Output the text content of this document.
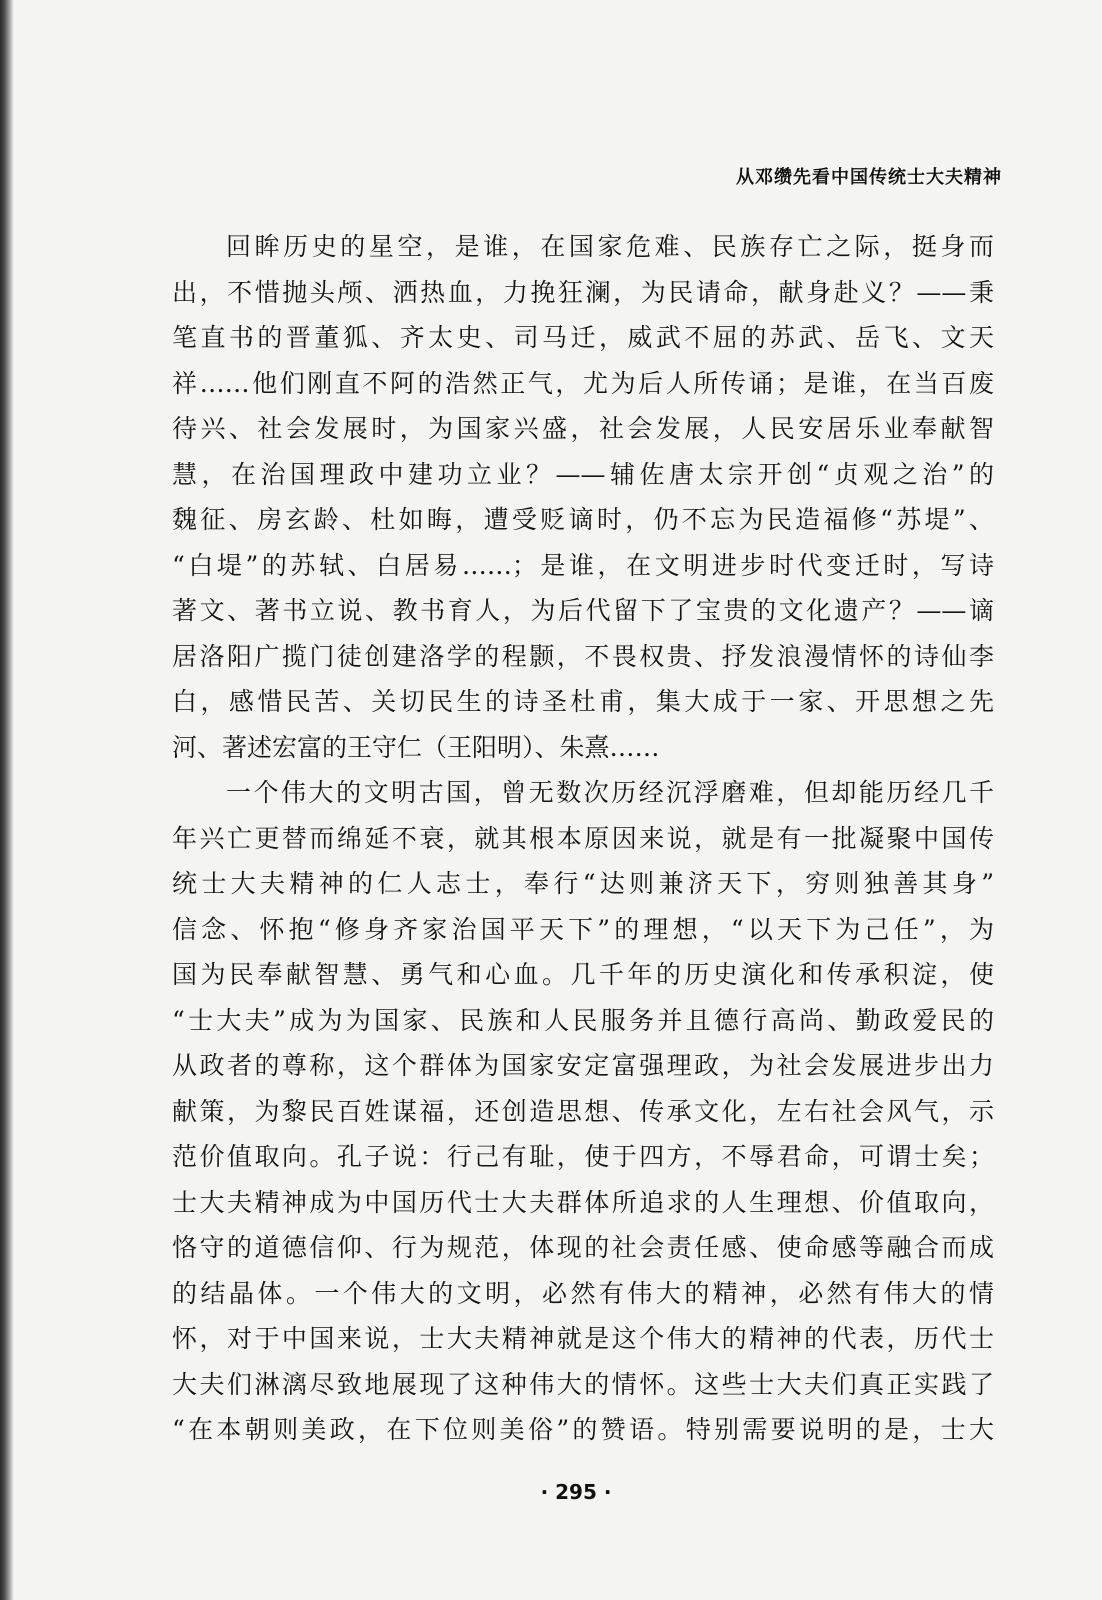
从邓缵先看中国传统士大夫精神
回眸历史的星空，是谁，在国家危难、民族存亡之际，挺身而
出，不惜抛头颅、洒热血，力挽狂澜，为民请命，献身赴义？——秉
笔直书的晋董狐、齐太史、司马迁，威武不屈的苏武、岳飞、文天
祥……他们刚直不阿的浩然正气，尤为后人所传诵；是谁，在当百废
待兴、社会发展时，为国家兴盛，社会发展，人民安居乐业奉献智
慧，在治国理政中建功立业？——辅佐唐太宗开创“贞观之治”的
魏征、房玄龄、杜如晦，遭受贬谪时，仍不忘为民造福修“苏堤”、
“白堤”的苏轼、白居易……；是谁，在文明进步时代变迁时，写诗
著文、著书立说、教书育人，为后代留下了宝贵的文化遗产？——谪
居洛阳广揽门徒创建洛学的程颢，不畏权贵、抒发浪漫情怀的诗仙李
白，感惜民苦、关切民生的诗圣杜甫，集大成于一家、开思想之先
河、著述宏富的王守仁（王阳明）、朱熹……
一个伟大的文明古国，曾无数次历经沉浮磨难，但却能历经几千
年兴亡更替而绵延不衰，就其根本原因来说，就是有一批凝聚中国传
统士大夫精神的仁人志士，奉行“达则兼济天下，穷则独善其身”
信念、怀抱“修身齐家治国平天下”的理想，“以天下为己任”，为
国为民奉献智慧、勇气和心血。几千年的历史演化和传承积淀，使
“士大夫”成为为国家、民族和人民服务并且德行高尚、勤政爱民的
从政者的尊称，这个群体为国家安定富强理政，为社会发展进步出力
献策，为黎民百姓谋福，还创造思想、传承文化，左右社会风气，示
范价值取向。孔子说：行己有耻，使于四方，不辱君命，可谓士矣；
士大夫精神成为中国历代士大夫群体所追求的人生理想、价值取向，
恪守的道德信仰、行为规范，体现的社会责任感、使命感等融合而成
的结晶体。一个伟大的文明，必然有伟大的精神，必然有伟大的情
怀，对于中国来说，士大夫精神就是这个伟大的精神的代表，历代士
大夫们淋漓尽致地展现了这种伟大的情怀。这些士大夫们真正实践了
“在本朝则美政，在下位则美俗”的赞语。特别需要说明的是，士大
· 295 ·
